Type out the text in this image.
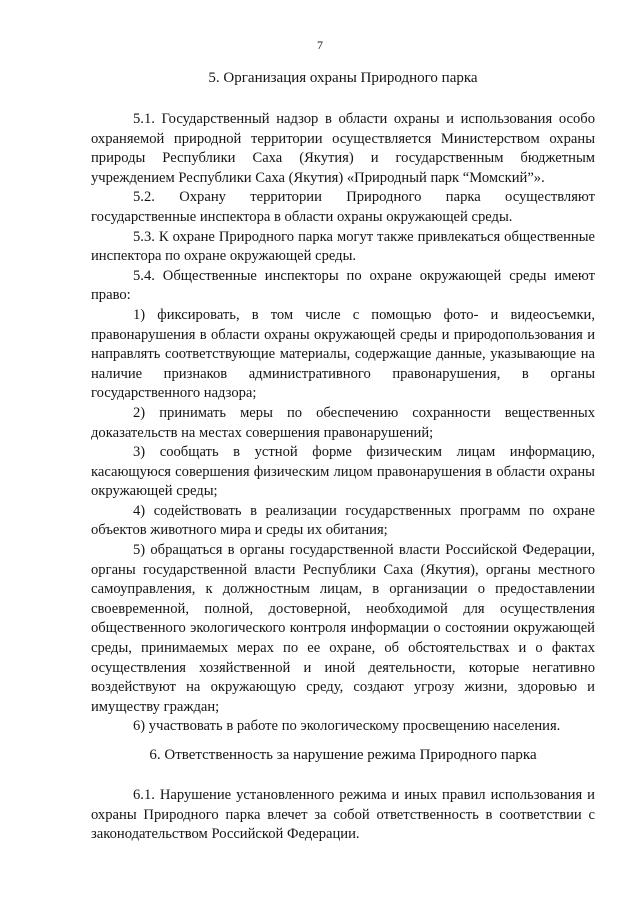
7
5. Организация охраны Природного парка

5.1. Государственный надзор в области охраны и использования особо охраняемой природной территории осуществляется Министерством охраны природы Республики Саха (Якутия) и государственным бюджетным учреждением Республики Саха (Якутия) «Природный парк “Момский”».

5.2. Охрану территории Природного парка осуществляют государственные инспектора в области охраны окружающей среды.

5.3. К охране Природного парка могут также привлекаться общественные инспектора по охране окружающей среды.

5.4. Общественные инспекторы по охране окружающей среды имеют право:

1) фиксировать, в том числе с помощью фото- и видеосъемки, правонарушения в области охраны окружающей среды и природопользования и направлять соответствующие материалы, содержащие данные, указывающие на наличие признаков административного правонарушения, в органы государственного надзора;

2) принимать меры по обеспечению сохранности вещественных доказательств на местах совершения правонарушений;

3) сообщать в устной форме физическим лицам информацию, касающуюся совершения физическим лицом правонарушения в области охраны окружающей среды;

4) содействовать в реализации государственных программ по охране объектов животного мира и среды их обитания;

5) обращаться в органы государственной власти Российской Федерации, органы государственной власти Республики Саха (Якутия), органы местного самоуправления, к должностным лицам, в организации о предоставлении своевременной, полной, достоверной, необходимой для осуществления общественного экологического контроля информации о состоянии окружающей среды, принимаемых мерах по ее охране, об обстоятельствах и о фактах осуществления хозяйственной и иной деятельности, которые негативно воздействуют на окружающую среду, создают угрозу жизни, здоровью и имуществу граждан;

6) участвовать в работе по экологическому просвещению населения.

6. Ответственность за нарушение режима Природного парка

6.1. Нарушение установленного режима и иных правил использования и охраны Природного парка влечет за собой ответственность в соответствии с законодательством Российской Федерации.
